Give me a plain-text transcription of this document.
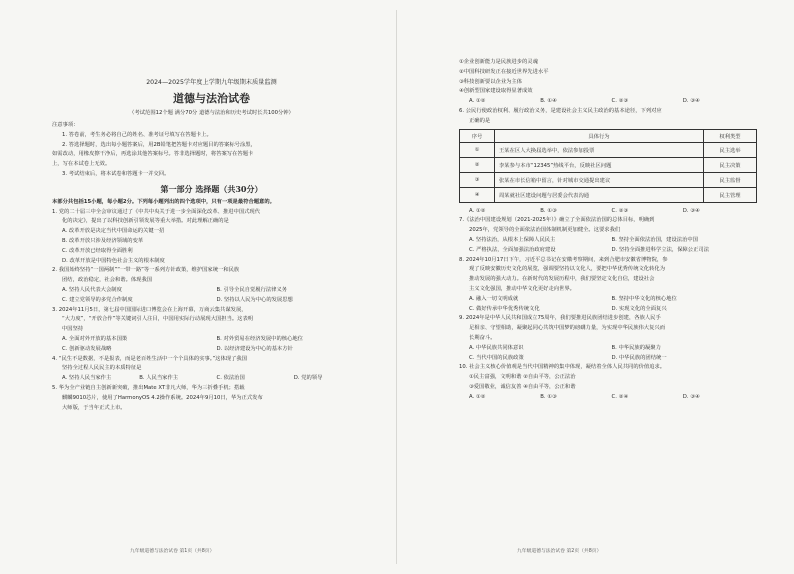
2024—2025学年度上学期九年级期末质量监测
道德与法治试卷
（考试范围12个题 满分70分 道德与法治和历史考试时长共100分钟）
注意事项：
1. 答卷前，考生务必将自己的姓名、准考证号填写在答题卡上。
2. 答选择题时，选出每小题答案后，用2B铅笔把答题卡对应题目的答案标号涂黑，
如需改动，用橡皮擦干净后，再选涂其他答案标号。答非选择题时，将答案写在答题卡
上，写在本试卷上无效。
3. 考试结束后，将本试卷和答题卡一并交回。
第一部分 选择题（共30分）
本部分共包括15小题，每小题2分。下列每小题列出的四个选项中，只有一项是最符合题意的。
1. 党的二十届三中全会审议通过了《中共中央关于进一步全面深化改革、推进中国式现代
化的决定》，提出了以科技创新引领发展等重大举措。对此理解正确的是
A. 改革开放是决定当代中国命运的关键一招
B. 改革开放只涉及经济领域的变革
C. 改革开放已经取得全面胜利
D. 改革开放是中国特色社会主义的根本制度
2. 我国始终坚持“一国两制”“一带一路”等一系列方针政策，维护国家统一和民族
团结，政治稳定，社会和谐。体现我国
A. 坚持人民代表大会制度	B. 引导全民自觉履行法律义务
C. 建立党领导的多党合作制度	D. 坚持以人民为中心的发展思想
3. 2024年11月5日，第七届中国国际进口博览会在上海开幕，万商云集共谋发展，
“大力度”，“开放合作”等关键词引人注目，中国用实际行动展现大国担当。这表明
中国坚持
A. 全面对外开放的基本国策	B. 对外贸易在经济发展中的核心地位
C. 创新驱动发展战略	D. 以经济建设为中心的基本方针
4. “民生不是数据，不是报表，而是老百姓生活中一个个具体的实事。”这体现了我国
坚持全过程人民民主的本质特征是
A. 坚持人民当家作主	B. 人民当家作主	C. 依法治国	D. 党的领导
5. 华为全产业链自主创新新突破，推出Mate XT非凡大师，华为三折叠手机；搭载
麒麟9010芯片，使用了HarmonyOS 4.2操作系统。2024年9月10日，华为正式发布
大师版，于当年正式上市。
九年级道德与法治试卷 第1页（共8页）
①企业创新能力是民族进步的灵魂
②中国科技研发正在接近世界先进水平
③科技创新要以企业为主体
④创新型国家建设取得显著成效
A. ①②	B. ①④	C. ②③	D. ③④
6. 公民行使政治权利、履行政治义务，是建设社会主义民主政治的基本途径，下列对应
正确的是
序号	具体行为	权利类型
①	王某在区人大换届选举中，依法参加投票	民主选举
②	李某参与本市“12345”热线平台，反映社区问题	民主决策
③	张某在市长信箱中留言，针对城市交通提出建议	民主监督
④	周某就社区建设问题与居委会代表沟通	民主管理
A. ①②	B. ①③	C. ②③	D. ③④
7.《法治中国建设规划（2021-2025年）》确立了全面依法治国的总体目标，明确到
2025年，党领导的全面依法治国体制机制更加健全。这要求我们
A. 坚持法治，从根本上保障人民民主	B. 坚持全面依法治国，建设法治中国
C. 严格执法，全面加强法治政府建设	D. 坚持全面推进科学立法，保障公正司法
8. 2024年10月17日下午，习近平总书记在安徽考察期间，来到合肥市安徽省博物院，参
观了反映安徽历史文化的展览，强调要坚持以文化人，要把中华优秀传统文化转化为
推动发展的强大动力。在新时代的发展历程中，我们要坚定文化自信，建设社会
主义文化强国，推动中华文化更好走向世界。
A. 融入一切文明成就	B. 坚持中华文化的核心地位
C. 做好传承中华优秀传统文化	D. 实现文化的全面复兴
9. 2024年是中华人民共和国成立75周年，我们要推进民族团结进步创建，各族人民手
足相亲、守望相助，凝聚起同心共筑中国梦的磅礴力量，为实现中华民族伟大复兴而
长期奋斗。
A. 中华民族共同体意识	B. 中华民族的凝聚力
C. 当代中国的民族政策	D. 中华民族的团结统一
10. 社会主义核心价值观是当代中国精神的集中体现，凝结着全体人民共同的价值追求。
①民主富强，文明和谐 ②自由平等，公正法治
③爱国敬业，诚信友善 ④自由平等，公正和谐
A. ①②	B. ①③	C. ②④	D. ③④
九年级道德与法治试卷 第2页（共8页）
